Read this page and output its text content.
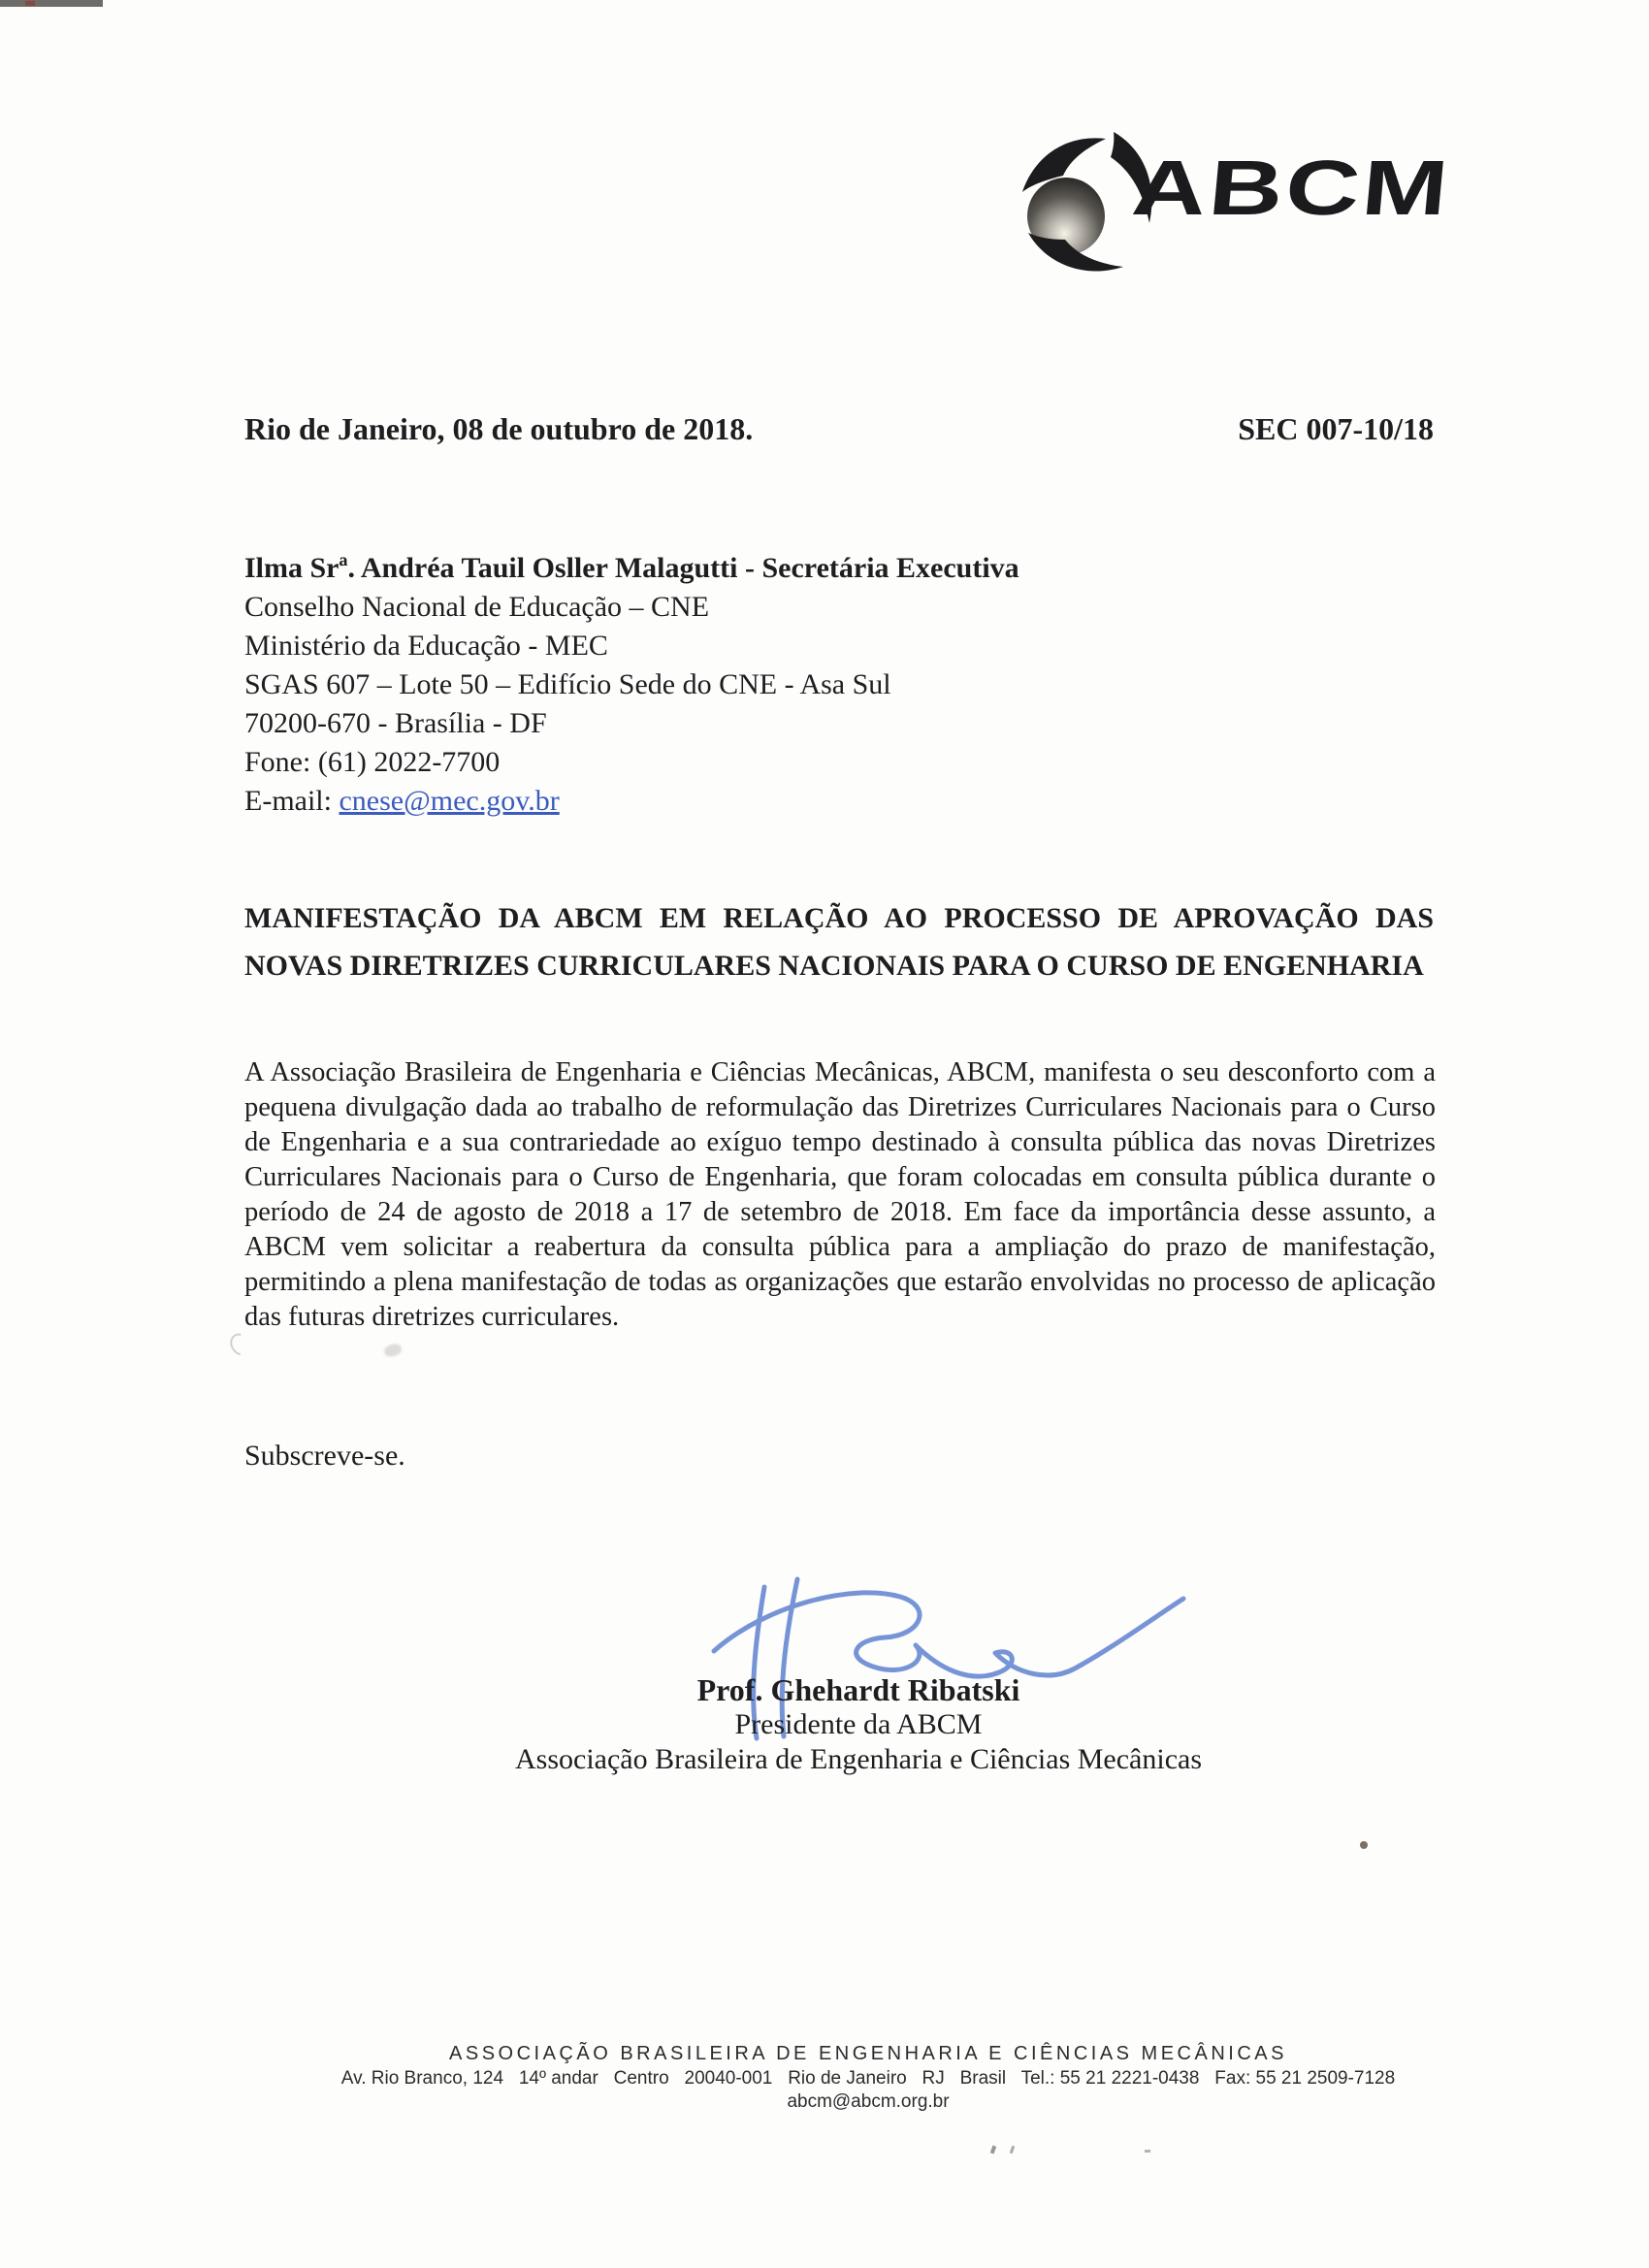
ABCM
Rio de Janeiro, 08 de outubro de 2018.	SEC 007-10/18
Ilma Srª. Andréa Tauil Osller Malagutti - Secretária Executiva
Conselho Nacional de Educação – CNE
Ministério da Educação - MEC
SGAS 607 – Lote 50 – Edifício Sede do CNE - Asa Sul
70200-670 - Brasília - DF
Fone: (61) 2022-7700
E-mail: cnese@mec.gov.br
MANIFESTAÇÃO DA ABCM EM RELAÇÃO AO PROCESSO DE APROVAÇÃO DAS NOVAS DIRETRIZES CURRICULARES NACIONAIS PARA O CURSO DE ENGENHARIA
A Associação Brasileira de Engenharia e Ciências Mecânicas, ABCM, manifesta o seu desconforto com a pequena divulgação dada ao trabalho de reformulação das Diretrizes Curriculares Nacionais para o Curso de Engenharia e a sua contrariedade ao exíguo tempo destinado à consulta pública das novas Diretrizes Curriculares Nacionais para o Curso de Engenharia, que foram colocadas em consulta pública durante o período de 24 de agosto de 2018 a 17 de setembro de 2018. Em face da importância desse assunto, a ABCM vem solicitar a reabertura da consulta pública para a ampliação do prazo de manifestação, permitindo a plena manifestação de todas as organizações que estarão envolvidas no processo de aplicação das futuras diretrizes curriculares.
Subscreve-se.
Prof. Ghehardt Ribatski
Presidente da ABCM
Associação Brasileira de Engenharia e Ciências Mecânicas
ASSOCIAÇÃO BRASILEIRA DE ENGENHARIA E CIÊNCIAS MECÂNICAS
Av. Rio Branco, 124   14º andar   Centro   20040-001   Rio de Janeiro   RJ   Brasil   Tel.: 55 21 2221-0438   Fax: 55 21 2509-7128
abcm@abcm.org.br
